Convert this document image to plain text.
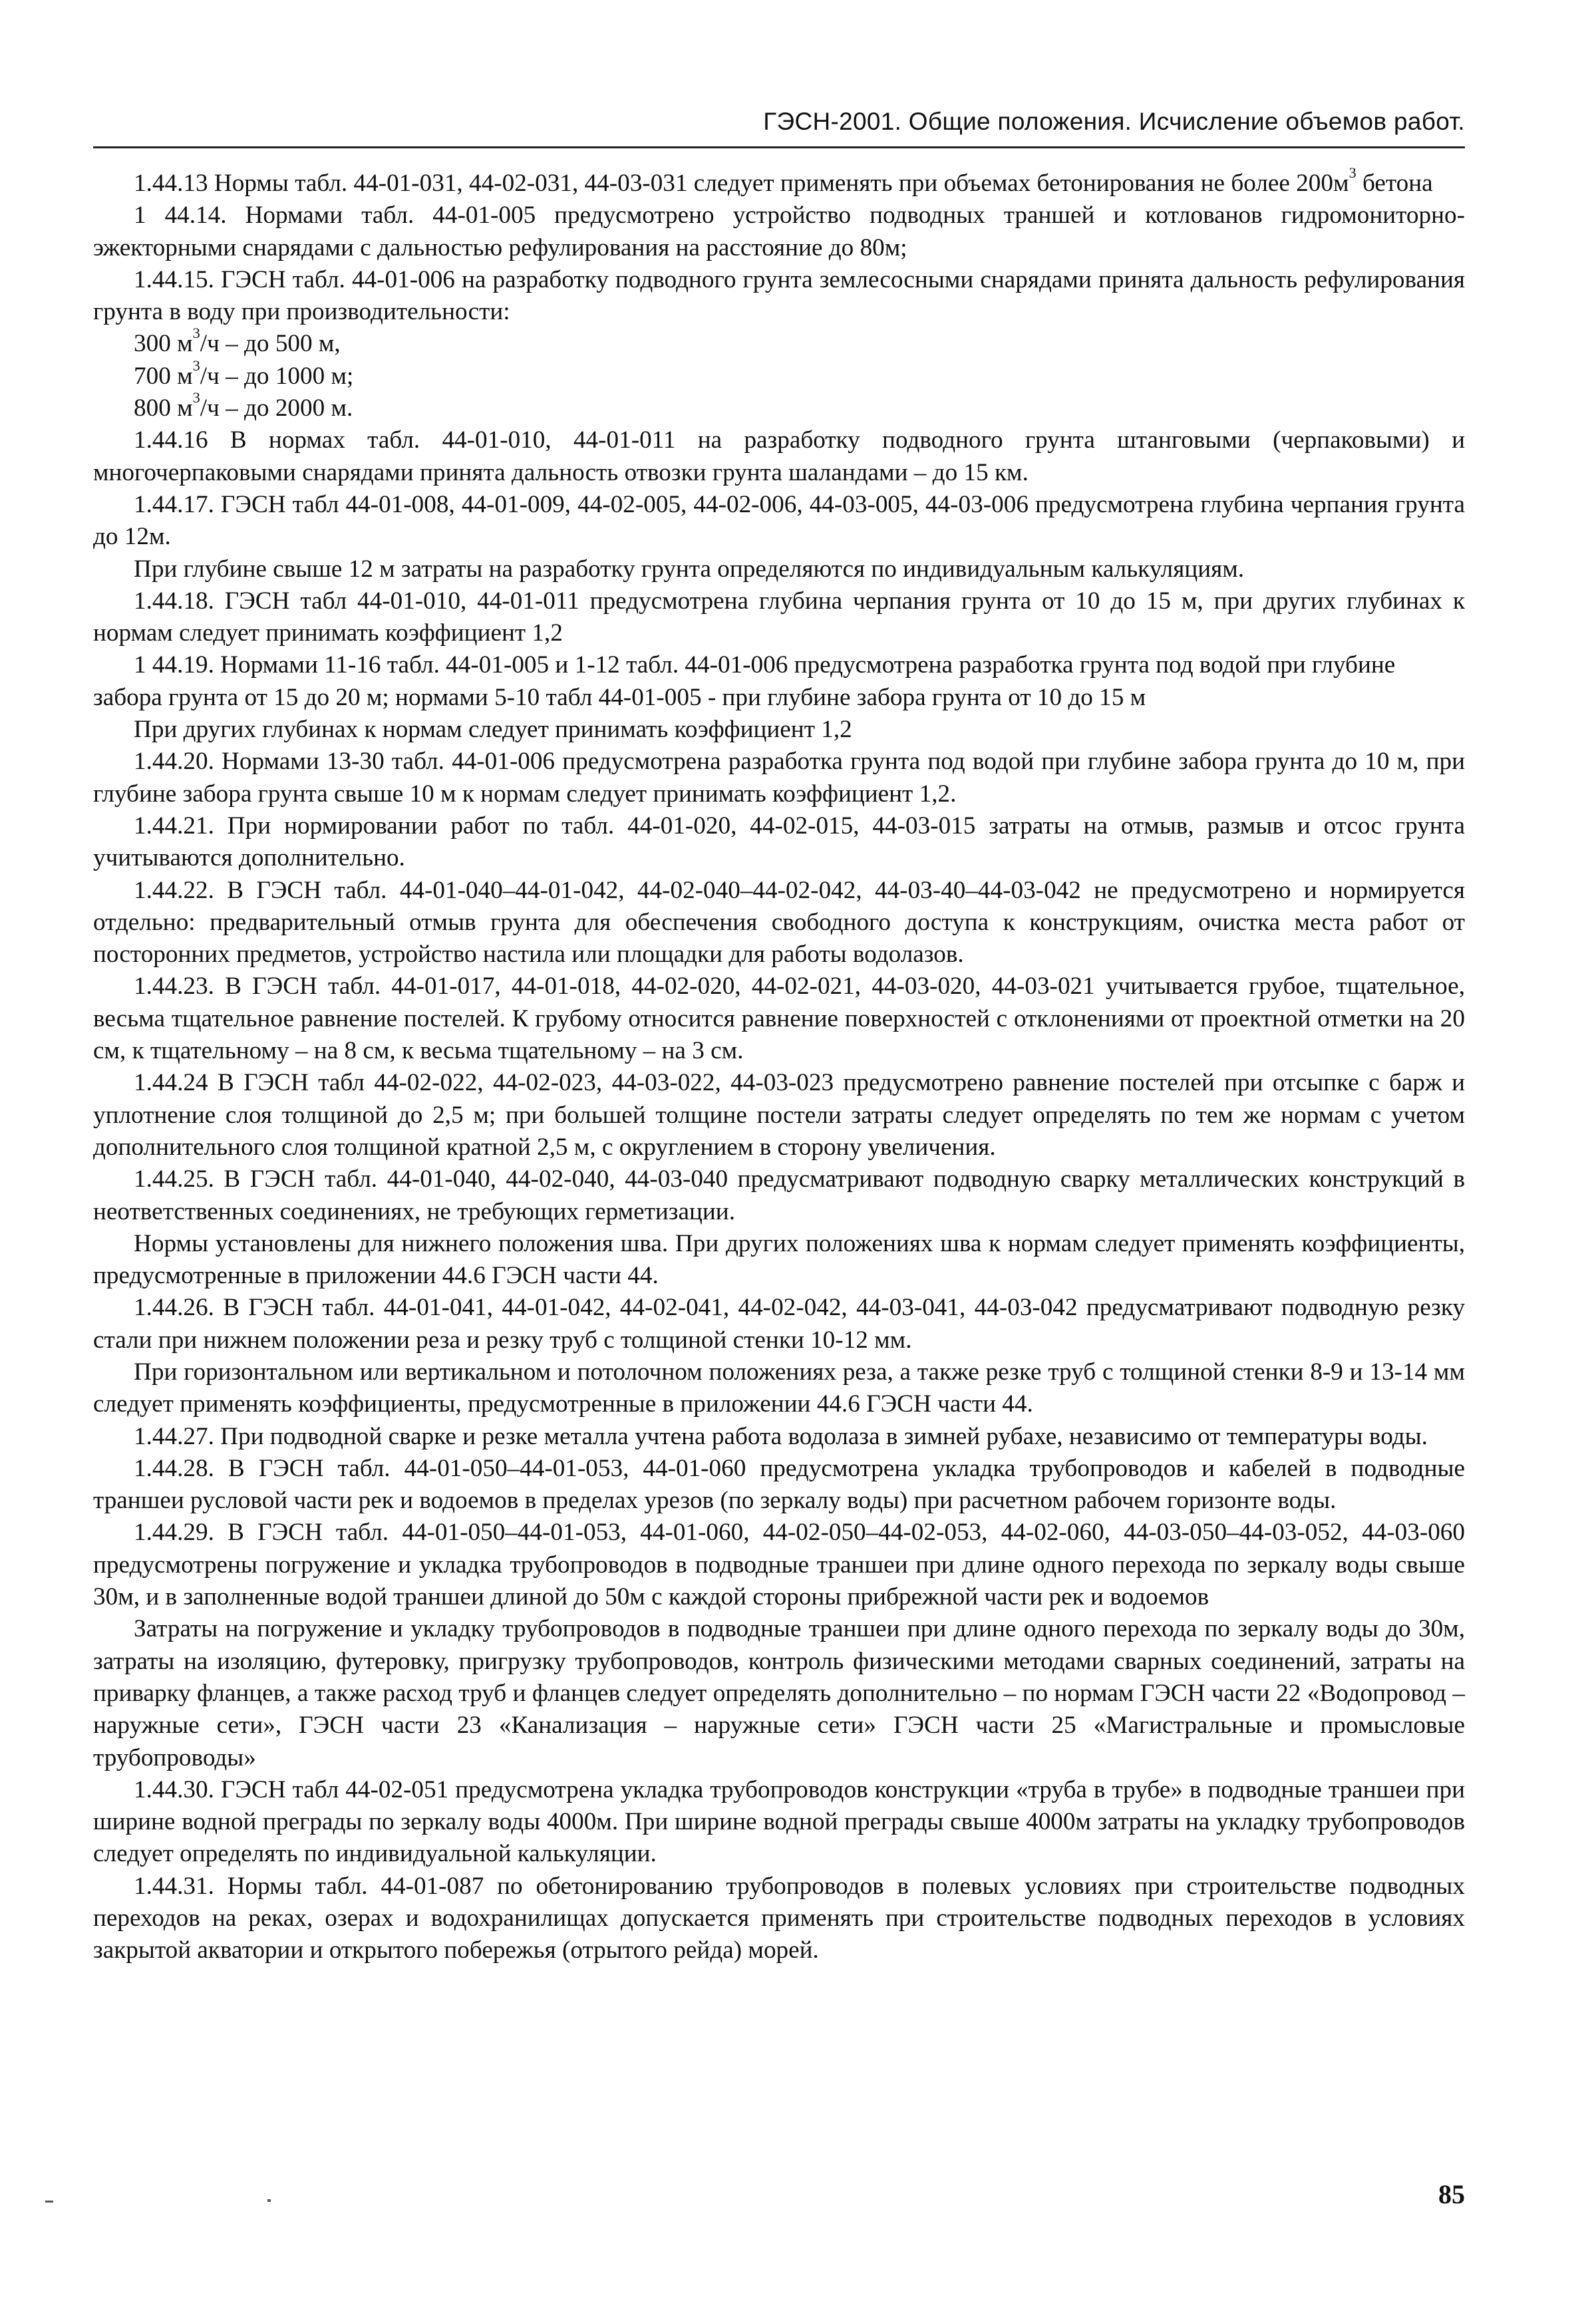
ГЭСН-2001. Общие положения. Исчисление объемов работ.

1.44.13 Нормы табл. 44-01-031, 44-02-031, 44-03-031 следует применять при объемах бетонирования не более $200м^3$ бетона

1 44.14. Нормами табл. 44-01-005 предусмотрено устройство подводных траншей и котлованов гидромониторно-эжекторными снарядами с дальностью рефулирования на расстояние до 80м;

1.44.15. ГЭСН табл. 44-01-006 на разработку подводного грунта землесосными снарядами принята дальность рефулирования грунта в воду при производительности:

300 $м^3/ч$ – до 500 м,

700 $м^3/ч$ – до 1000 м;

800 $м^3/ч$ – до 2000 м.

1.44.16 В нормах табл. 44-01-010, 44-01-011 на разработку подводного грунта штанговыми (черпаковыми) и многочерпаковыми снарядами принята дальность отвозки грунта шаландами – до 15 км.

1.44.17. ГЭСН табл 44-01-008, 44-01-009, 44-02-005, 44-02-006, 44-03-005, 44-03-006 предусмотрена глубина черпания грунта до 12м.

При глубине свыше 12 м затраты на разработку грунта определяются по индивидуальным калькуляциям.

1.44.18. ГЭСН табл 44-01-010, 44-01-011 предусмотрена глубина черпания грунта от 10 до 15 м, при других глубинах к нормам следует принимать коэффициент 1,2

1 44.19. Нормами 11-16 табл. 44-01-005 и 1-12 табл. 44-01-006 предусмотрена разработка грунта под водой при глубине забора грунта от 15 до 20 м; нормами 5-10 табл 44-01-005 - при глубине забора грунта от 10 до 15 м

При других глубинах к нормам следует принимать коэффициент 1,2

1.44.20. Нормами 13-30 табл. 44-01-006 предусмотрена разработка грунта под водой при глубине забора грунта до 10 м, при глубине забора грунта свыше 10 м к нормам следует принимать коэффициент 1,2.

1.44.21. При нормировании работ по табл. 44-01-020, 44-02-015, 44-03-015 затраты на отмыв, размыв и отсос грунта учитываются дополнительно.

1.44.22. В ГЭСН табл. 44-01-040–44-01-042, 44-02-040–44-02-042, 44-03-40–44-03-042 не предусмотрено и нормируется отдельно: предварительный отмыв грунта для обеспечения свободного доступа к конструкциям, очистка места работ от посторонних предметов, устройство настила или площадки для работы водолазов.

1.44.23. В ГЭСН табл. 44-01-017, 44-01-018, 44-02-020, 44-02-021, 44-03-020, 44-03-021 учитывается грубое, тщательное, весьма тщательное равнение постелей. К грубому относится равнение поверхностей с отклонениями от проектной отметки на 20 см, к тщательному – на 8 см, к весьма тщательному – на 3 см.

1.44.24 В ГЭСН табл 44-02-022, 44-02-023, 44-03-022, 44-03-023 предусмотрено равнение постелей при отсыпке с барж и уплотнение слоя толщиной до 2,5 м; при большей толщине постели затраты следует определять по тем же нормам с учетом дополнительного слоя толщиной кратной 2,5 м, с округлением в сторону увеличения.

1.44.25. В ГЭСН табл. 44-01-040, 44-02-040, 44-03-040 предусматривают подводную сварку металлических конструкций в неответственных соединениях, не требующих герметизации.

Нормы установлены для нижнего положения шва. При других положениях шва к нормам следует применять коэффициенты, предусмотренные в приложении 44.6 ГЭСН части 44.

1.44.26. В ГЭСН табл. 44-01-041, 44-01-042, 44-02-041, 44-02-042, 44-03-041, 44-03-042 предусматривают подводную резку стали при нижнем положении реза и резку труб с толщиной стенки 10-12 мм.

При горизонтальном или вертикальном и потолочном положениях реза, а также резке труб с толщиной стенки 8-9 и 13-14 мм следует применять коэффициенты, предусмотренные в приложении 44.6 ГЭСН части 44.

1.44.27. При подводной сварке и резке металла учтена работа водолаза в зимней рубахе, независимо от температуры воды.

1.44.28. В ГЭСН табл. 44-01-050–44-01-053, 44-01-060 предусмотрена укладка трубопроводов и кабелей в подводные траншеи русловой части рек и водоемов в пределах урезов (по зеркалу воды) при расчетном рабочем горизонте воды.

1.44.29. В ГЭСН табл. 44-01-050–44-01-053, 44-01-060, 44-02-050–44-02-053, 44-02-060, 44-03-050–44-03-052, 44-03-060 предусмотрены погружение и укладка трубопроводов в подводные траншеи при длине одного перехода по зеркалу воды свыше 30м, и в заполненные водой траншеи длиной до 50м с каждой стороны прибрежной части рек и водоемов

Затраты на погружение и укладку трубопроводов в подводные траншеи при длине одного перехода по зеркалу воды до 30м, затраты на изоляцию, футеровку, пригрузку трубопроводов, контроль физическими методами сварных соединений, затраты на приварку фланцев, а также расход труб и фланцев следует определять дополнительно – по нормам ГЭСН части 22 «Водопровод – наружные сети», ГЭСН части 23 «Канализация – наружные сети» ГЭСН части 25 «Магистральные и промысловые трубопроводы»

1.44.30. ГЭСН табл 44-02-051 предусмотрена укладка трубопроводов конструкции «труба в трубе» в подводные траншеи при ширине водной преграды по зеркалу воды 4000м. При ширине водной преграды свыше 4000м затраты на укладку трубопроводов следует определять по индивидуальной калькуляции.

1.44.31. Нормы табл. 44-01-087 по обетонированию трубопроводов в полевых условиях при строительстве подводных переходов на реках, озерах и водохранилищах допускается применять при строительстве подводных переходов в условиях закрытой акватории и открытого побережья (отрытого рейда) морей.

85
